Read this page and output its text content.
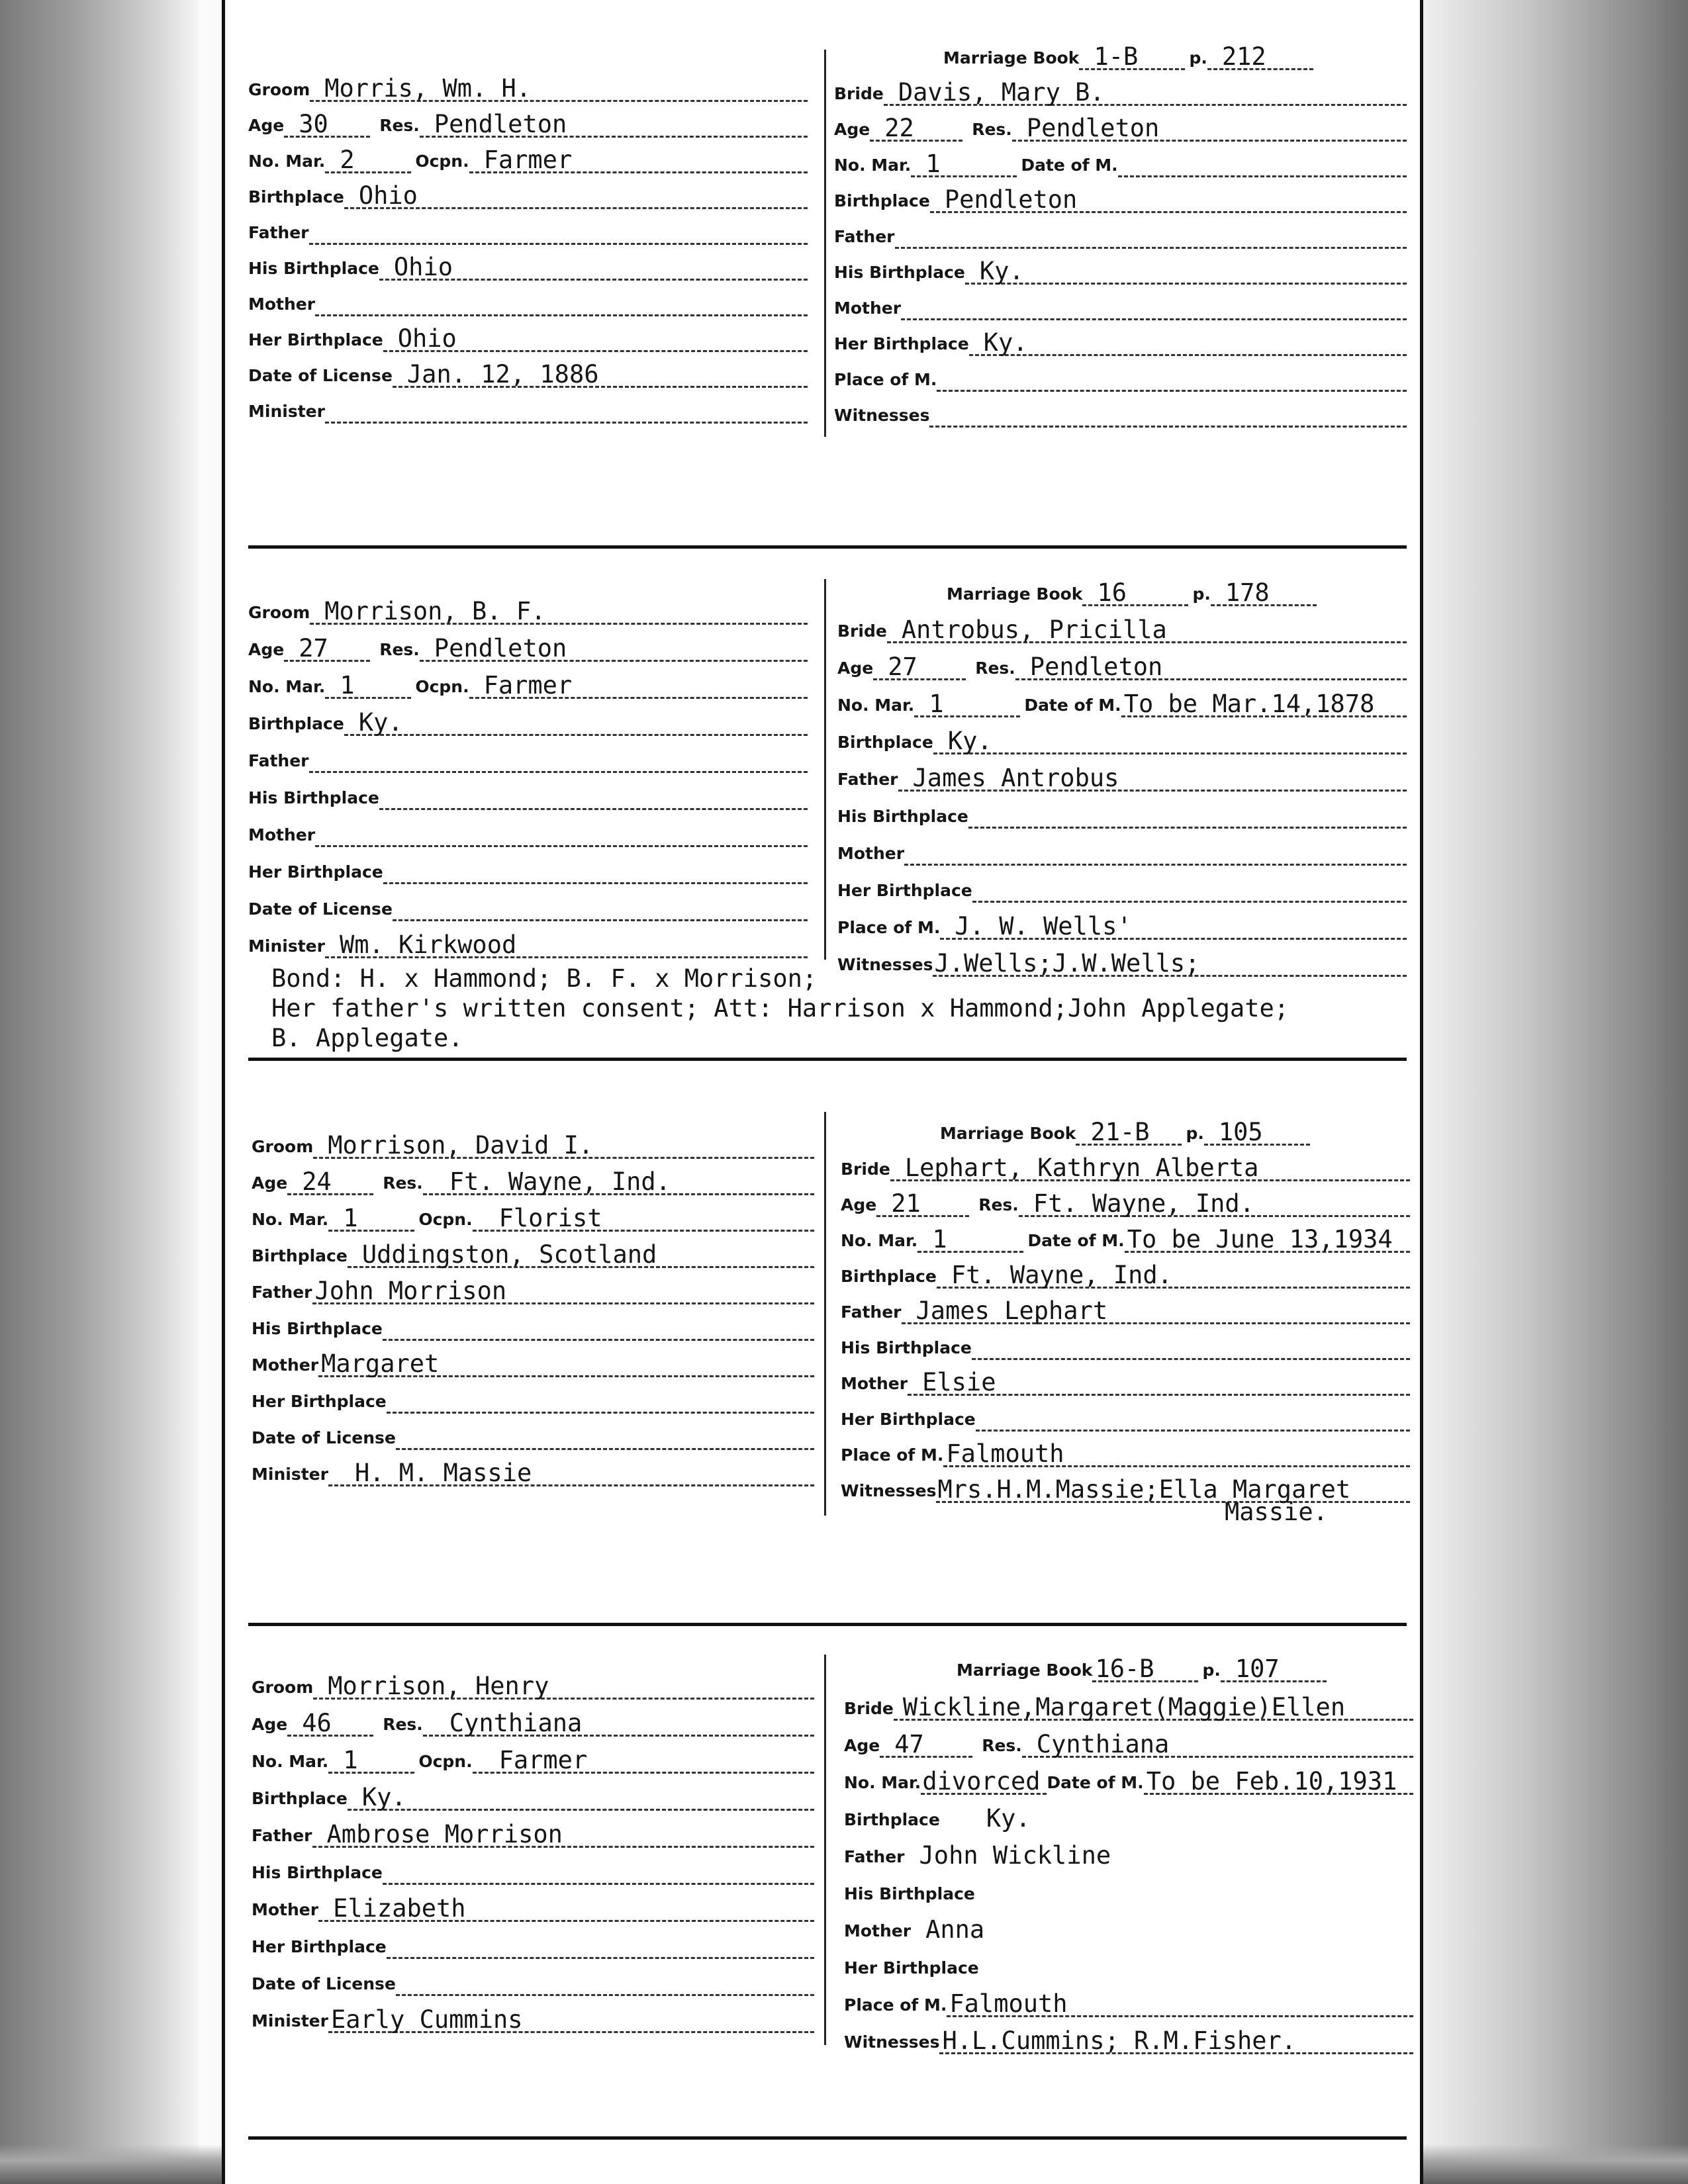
Groom Morris, Wm. H.
Age 30	Res. Pendleton
No. Mar. 2	Ocpn. Farmer
Birthplace Ohio
Father
His Birthplace Ohio
Mother
Her Birthplace Ohio
Date of License Jan. 12, 1886
Minister
Marriage Book 1-B	p. 212
Bride Davis, Mary B.
Age 22	Res. Pendleton
No. Mar. 1	Date of M.
Birthplace Pendleton
Father
His Birthplace Ky.
Mother
Her Birthplace Ky.
Place of M.
Witnesses
Groom Morrison, B. F.
Age 27	Res. Pendleton
No. Mar. 1	Ocpn. Farmer
Birthplace Ky.
Father
His Birthplace
Mother
Her Birthplace
Date of License
Minister Wm. Kirkwood
Marriage Book 16	p. 178
Bride Antrobus, Pricilla
Age 27	Res. Pendleton
No. Mar. 1	Date of M. To be Mar.14,1878
Birthplace Ky.
Father James Antrobus
His Birthplace
Mother
Her Birthplace
Place of M. J. W. Wells'
Witnesses J.Wells;J.W.Wells;
Bond: H. x Hammond; B. F. x Morrison;
Her father's written consent; Att: Harrison x Hammond;John Applegate;
B. Applegate.
Groom Morrison, David I.
Age 24	Res.	Ft. Wayne, Ind.
No. Mar. 1	Ocpn.	Florist
Birthplace Uddingston, Scotland
Father John Morrison
His Birthplace
Mother Margaret
Her Birthplace
Date of License
Minister	H. M. Massie
Marriage Book 21-B	p. 105
Bride Lephart, Kathryn Alberta
Age 21	Res. Ft. Wayne, Ind.
No. Mar. 1	Date of M. To be June 13,1934
Birthplace Ft. Wayne, Ind.
Father James Lephart
His Birthplace
Mother Elsie
Her Birthplace
Place of M. Falmouth
Witnesses Mrs.H.M.Massie;Ella Margaret
Massie.
Groom Morrison, Henry
Age 46	Res.	Cynthiana
No. Mar. 1	Ocpn.	Farmer
Birthplace Ky.
Father Ambrose Morrison
His Birthplace
Mother Elizabeth
Her Birthplace
Date of License
Minister Early Cummins
Marriage Book 16-B	p. 107
Bride Wickline,Margaret(Maggie)Ellen
Age 47	Res. Cynthiana
No. Mar. divorced Date of M. To be Feb.10,1931
Birthplace	Ky.
Father John Wickline
His Birthplace
Mother Anna
Her Birthplace
Place of M. Falmouth
Witnesses H.L.Cummins; R.M.Fisher.
